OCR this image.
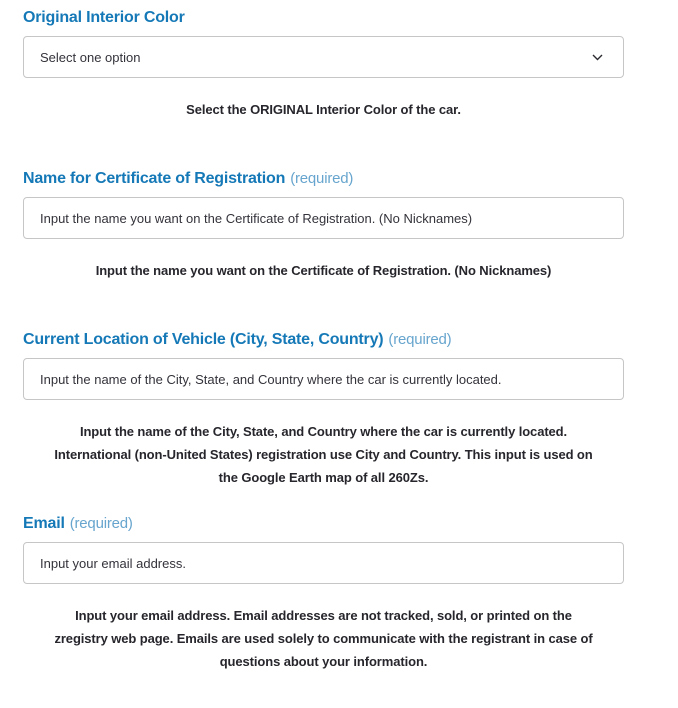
Original Interior Color
Select one option
Select the ORIGINAL Interior Color of the car.
Name for Certificate of Registration (required)
Input the name you want on the Certificate of Registration. (No Nicknames)
Input the name you want on the Certificate of Registration. (No Nicknames)
Current Location of Vehicle (City, State, Country) (required)
Input the name of the City, State, and Country where the car is currently located.
Input the name of the City, State, and Country where the car is currently located.
International (non-United States) registration use City and Country. This input is used on
the Google Earth map of all 260Zs.
Email (required)
Input your email address.
Input your email address. Email addresses are not tracked, sold, or printed on the
zregistry web page. Emails are used solely to communicate with the registrant in case of
questions about your information.
